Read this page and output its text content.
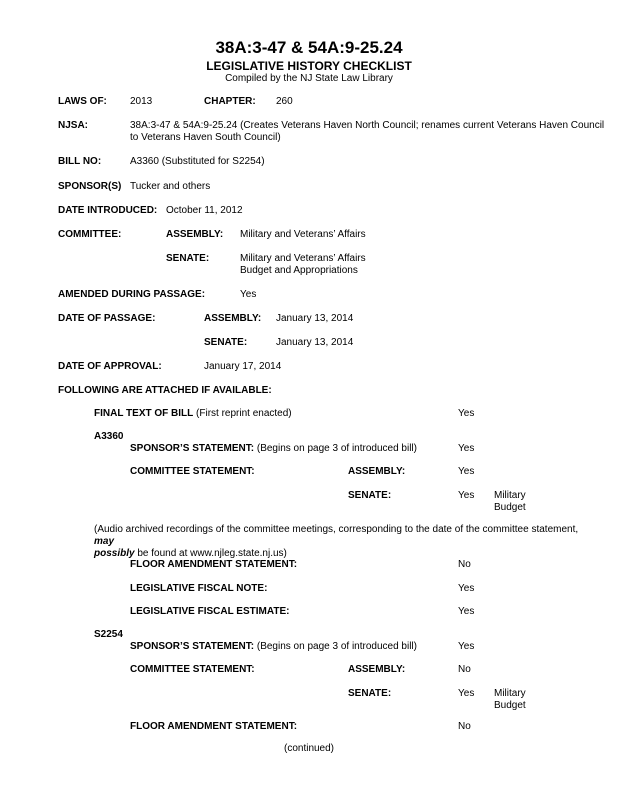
38A:3-47 & 54A:9-25.24
LEGISLATIVE HISTORY CHECKLIST
Compiled by the NJ State Law Library
LAWS OF: 2013	CHAPTER: 260
NJSA:	38A:3-47 & 54A:9-25.24 (Creates Veterans Haven North Council; renames current Veterans Haven Council
to Veterans Haven South Council)
BILL NO:	A3360 (Substituted for S2254)
SPONSOR(S) Tucker and others
DATE INTRODUCED: October 11, 2012
COMMITTEE:	ASSEMBLY: Military and Veterans’ Affairs
SENATE:	Military and Veterans’ Affairs
Budget and Appropriations
AMENDED DURING PASSAGE:	Yes
DATE OF PASSAGE:	ASSEMBLY: January 13, 2014
SENATE:	January 13, 2014
DATE OF APPROVAL:	January 17, 2014
FOLLOWING ARE ATTACHED IF AVAILABLE:
FINAL TEXT OF BILL (First reprint enacted)	Yes
A3360
SPONSOR’S STATEMENT: (Begins on page 3 of introduced bill)	Yes
COMMITTEE STATEMENT:	ASSEMBLY:	Yes
SENATE:	Yes Military
Budget
(Audio archived recordings of the committee meetings, corresponding to the date of the committee statement, may
possibly be found at www.njleg.state.nj.us)
FLOOR AMENDMENT STATEMENT:	No
LEGISLATIVE FISCAL NOTE:	Yes
LEGISLATIVE FISCAL ESTIMATE:	Yes
S2254
SPONSOR’S STATEMENT: (Begins on page 3 of introduced bill)	Yes
COMMITTEE STATEMENT:	ASSEMBLY:	No
SENATE:	Yes Military
Budget
FLOOR AMENDMENT STATEMENT:	No
(continued)
